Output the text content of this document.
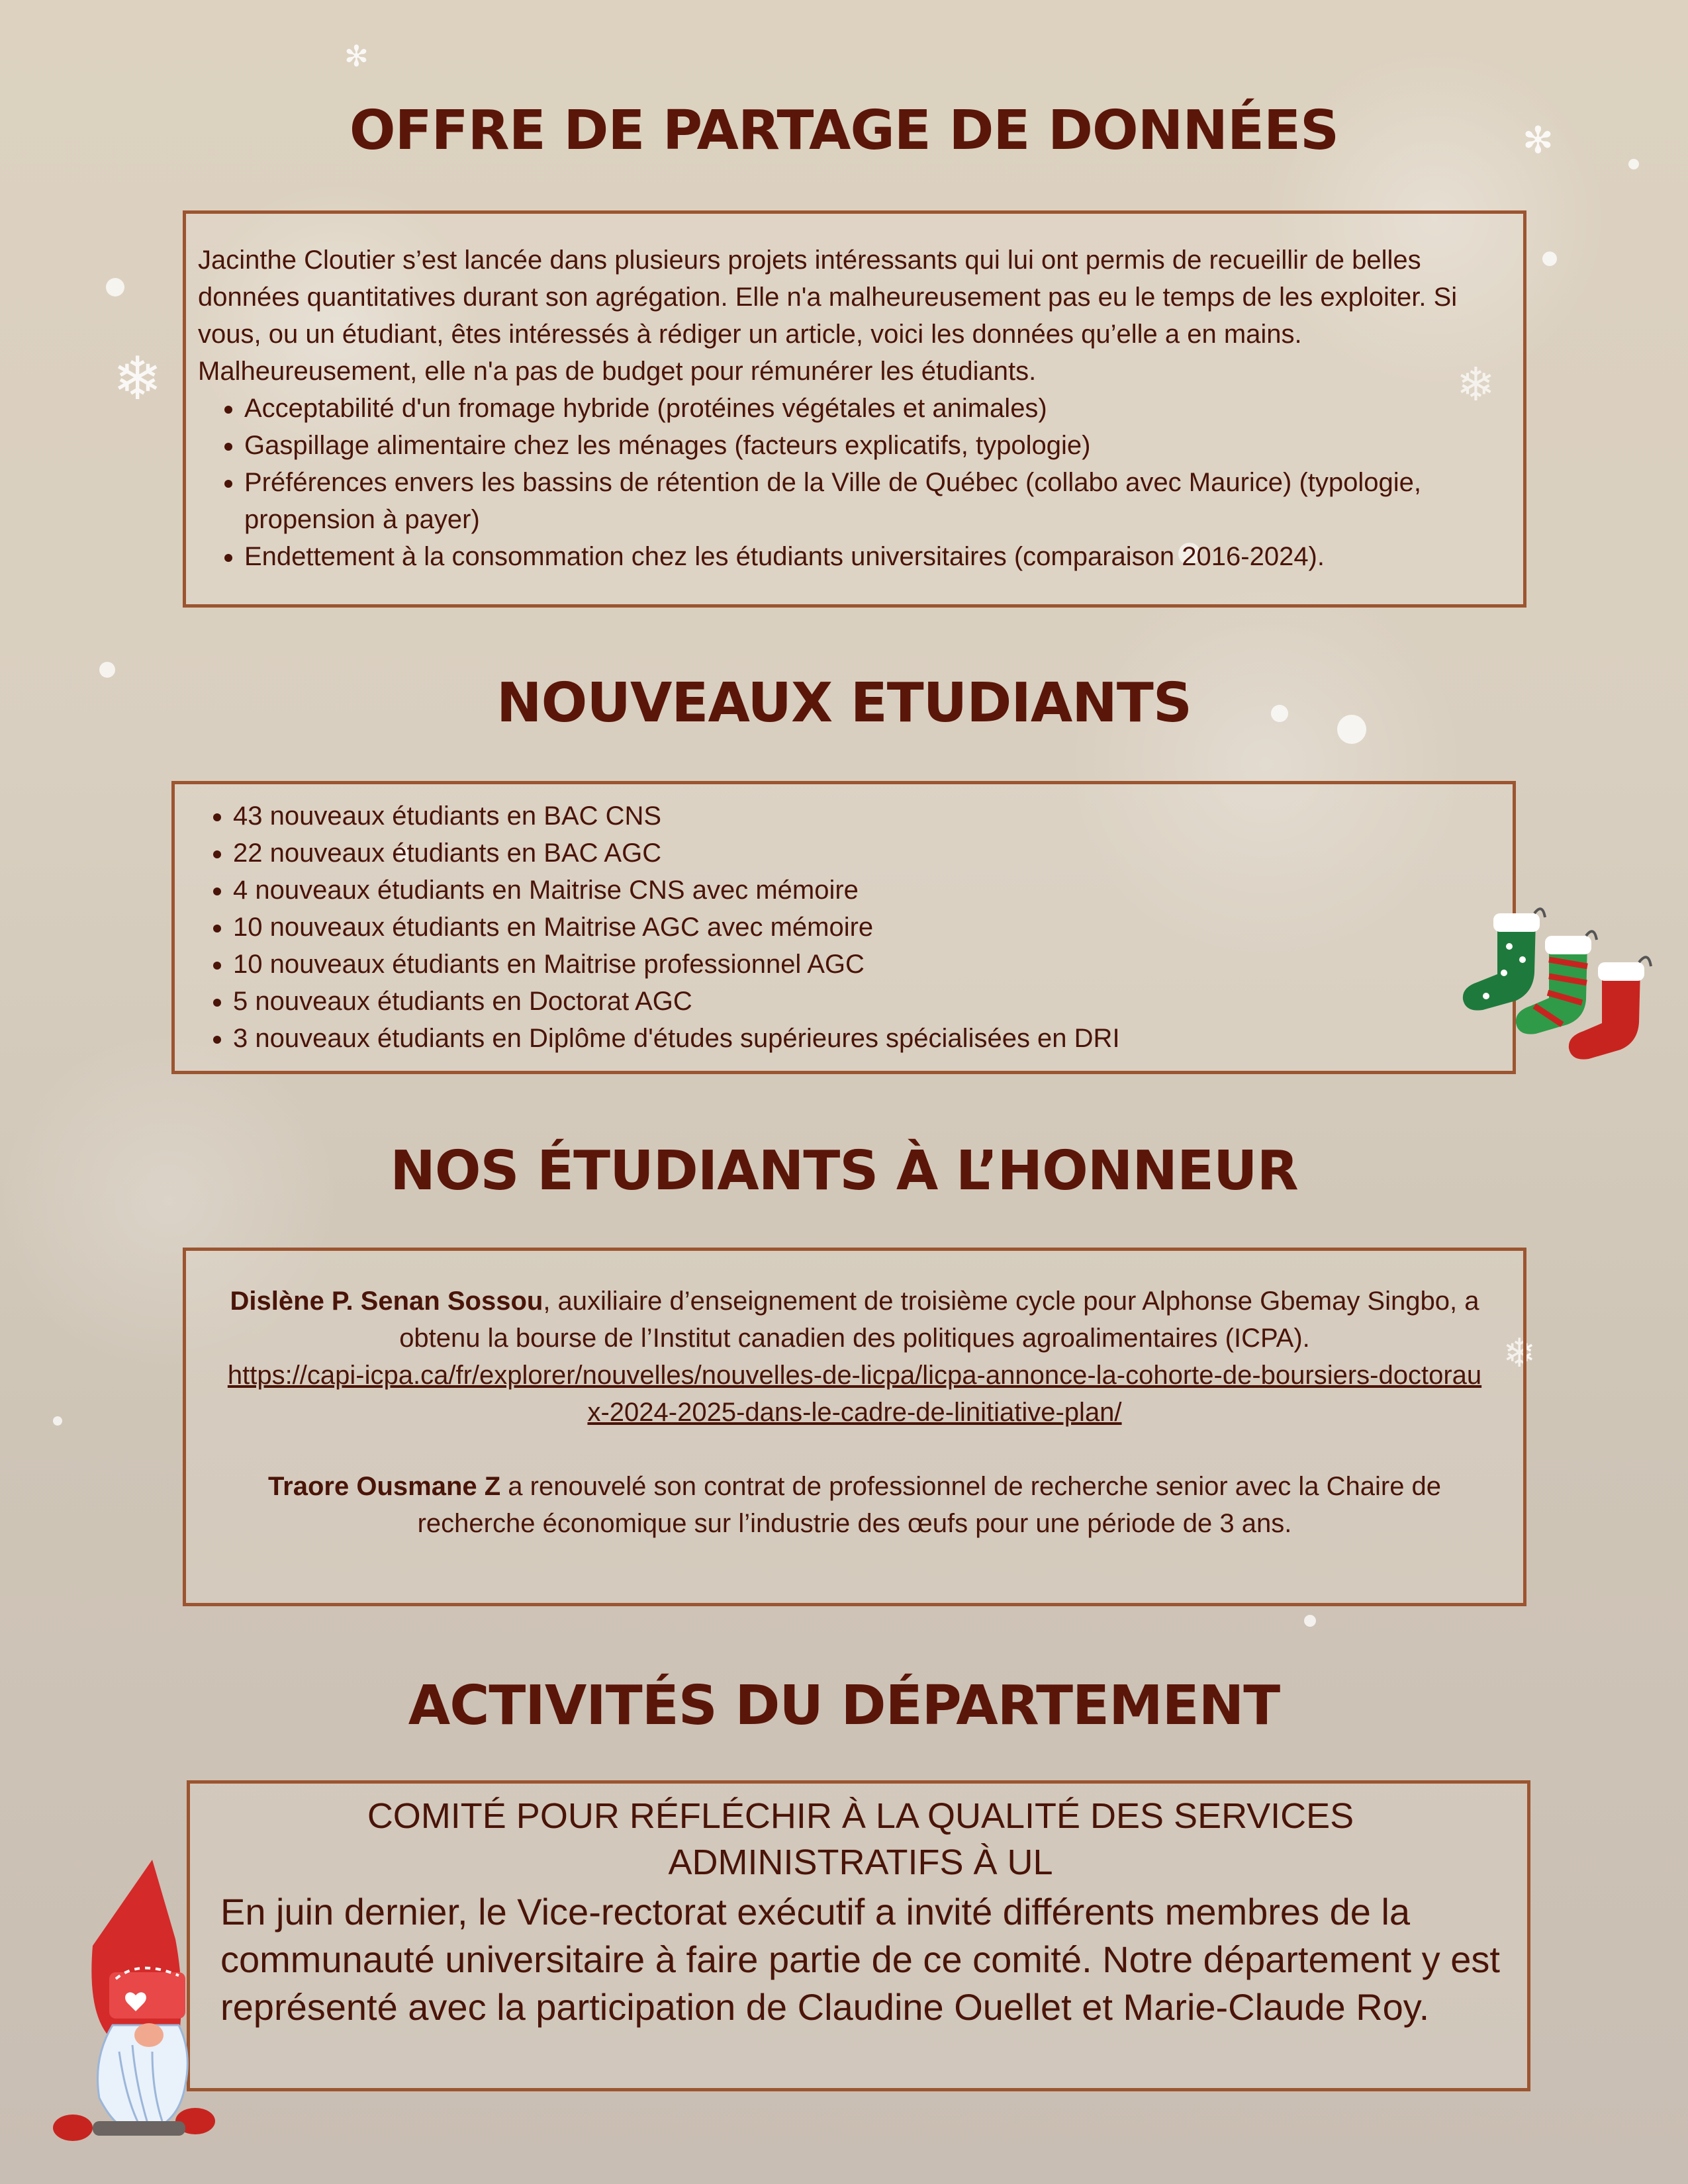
❄	❄
✻
❄
✻
OFFRE DE PARTAGE DE DONNÉES

Jacinthe Cloutier s’est lancée dans plusieurs projets intéressants qui lui ont permis de recueillir de belles données quantitatives durant son agrégation. Elle n'a malheureusement pas eu le temps de les exploiter. Si vous, ou un étudiant, êtes intéressés à rédiger un article, voici les données qu’elle a en mains. Malheureusement, elle n'a pas de budget pour rémunérer les étudiants.

• Acceptabilité d'un fromage hybride (protéines végétales et animales)
• Gaspillage alimentaire chez les ménages (facteurs explicatifs, typologie)
• Préférences envers les bassins de rétention de la Ville de Québec (collabo avec Maurice) (typologie, propension à payer)
• Endettement à la consommation chez les étudiants universitaires (comparaison 2016-2024).
NOUVEAUX ETUDIANTS
• 43 nouveaux étudiants en BAC CNS
• 22 nouveaux étudiants en BAC AGC
• 4 nouveaux étudiants en Maitrise CNS avec mémoire
• 10 nouveaux étudiants en Maitrise AGC avec mémoire
• 10 nouveaux étudiants en Maitrise professionnel AGC
• 5 nouveaux étudiants en Doctorat AGC
• 3 nouveaux étudiants en Diplôme d'études supérieures spécialisées en DRI
NOS ÉTUDIANTS À L’HONNEUR

Dislène P. Senan Sossou, auxiliaire d’enseignement de troisième cycle pour Alphonse Gbemay Singbo, a obtenu la bourse de l’Institut canadien des politiques agroalimentaires (ICPA).
https://capi-icpa.ca/fr/explorer/nouvelles/nouvelles-de-licpa/licpa-annonce-la-cohorte-de-boursiers-doctoraux-2024-2025-dans-le-cadre-de-linitiative-plan/

Traore Ousmane Z a renouvelé son contrat de professionnel de recherche senior avec la Chaire de recherche économique sur l’industrie des œufs pour une période de 3 ans.

ACTIVITÉS DU DÉPARTEMENT

COMITÉ POUR RÉFLÉCHIR À LA QUALITÉ DES SERVICES ADMINISTRATIFS À UL

En juin dernier, le Vice-rectorat exécutif a invité différents membres de la communauté universitaire à faire partie de ce comité. Notre département y est représenté avec la participation de Claudine Ouellet et Marie-Claude Roy.
